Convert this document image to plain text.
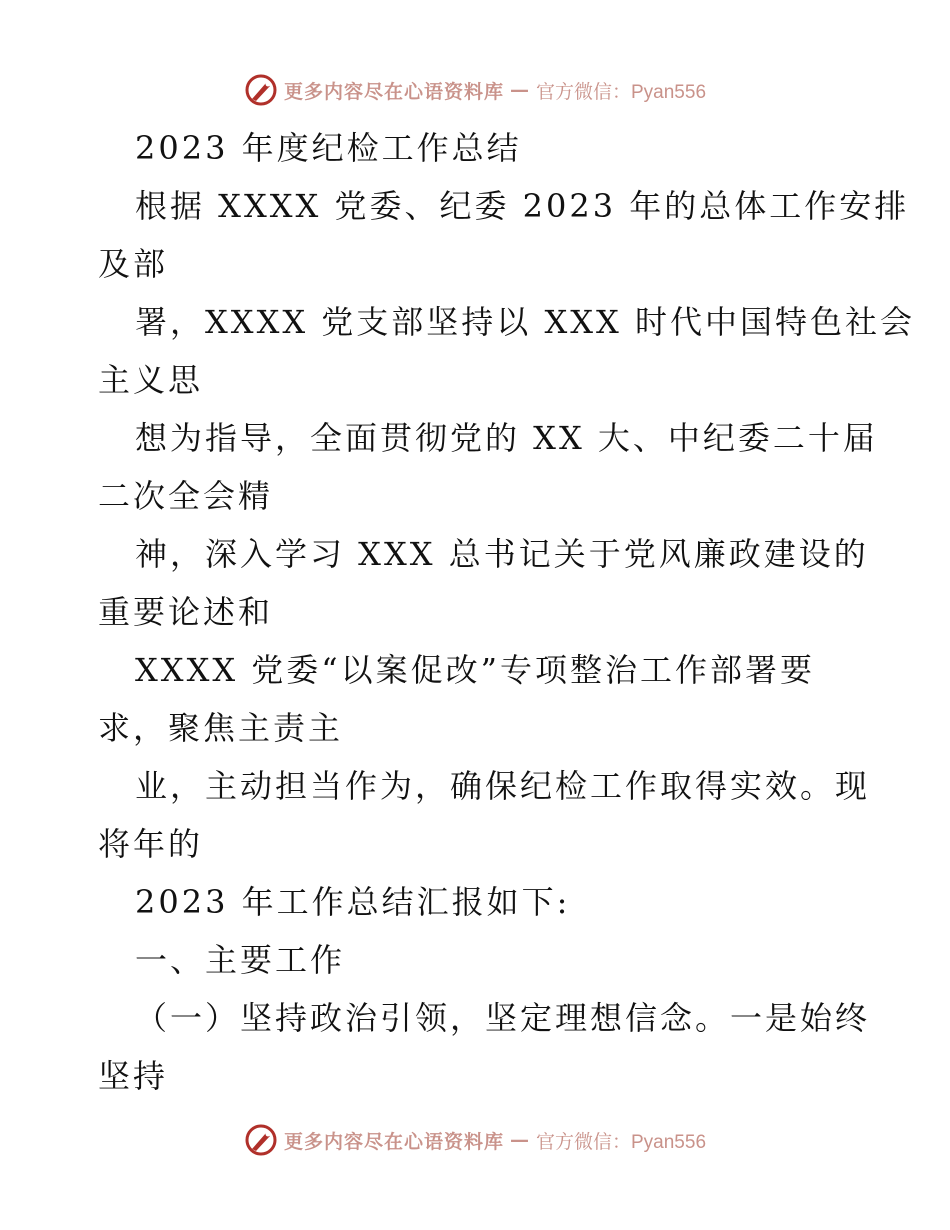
更多内容尽在心语资料库 — 官方微信：Pyan556
2023 年度纪检工作总结
根据 XXXX 党委、纪委 2023 年的总体工作安排
及部
署，XXXX 党支部坚持以 XXX 时代中国特色社会
主义思
想为指导，全面贯彻党的 XX 大、中纪委二十届
二次全会精
神，深入学习 XXX 总书记关于党风廉政建设的
重要论述和
XXXX 党委“以案促改”专项整治工作部署要
求，聚焦主责主
业，主动担当作为，确保纪检工作取得实效。现
将年的
2023 年工作总结汇报如下:
一、主要工作
（一）坚持政治引领，坚定理想信念。一是始终
坚持
更多内容尽在心语资料库 — 官方微信：Pyan556
